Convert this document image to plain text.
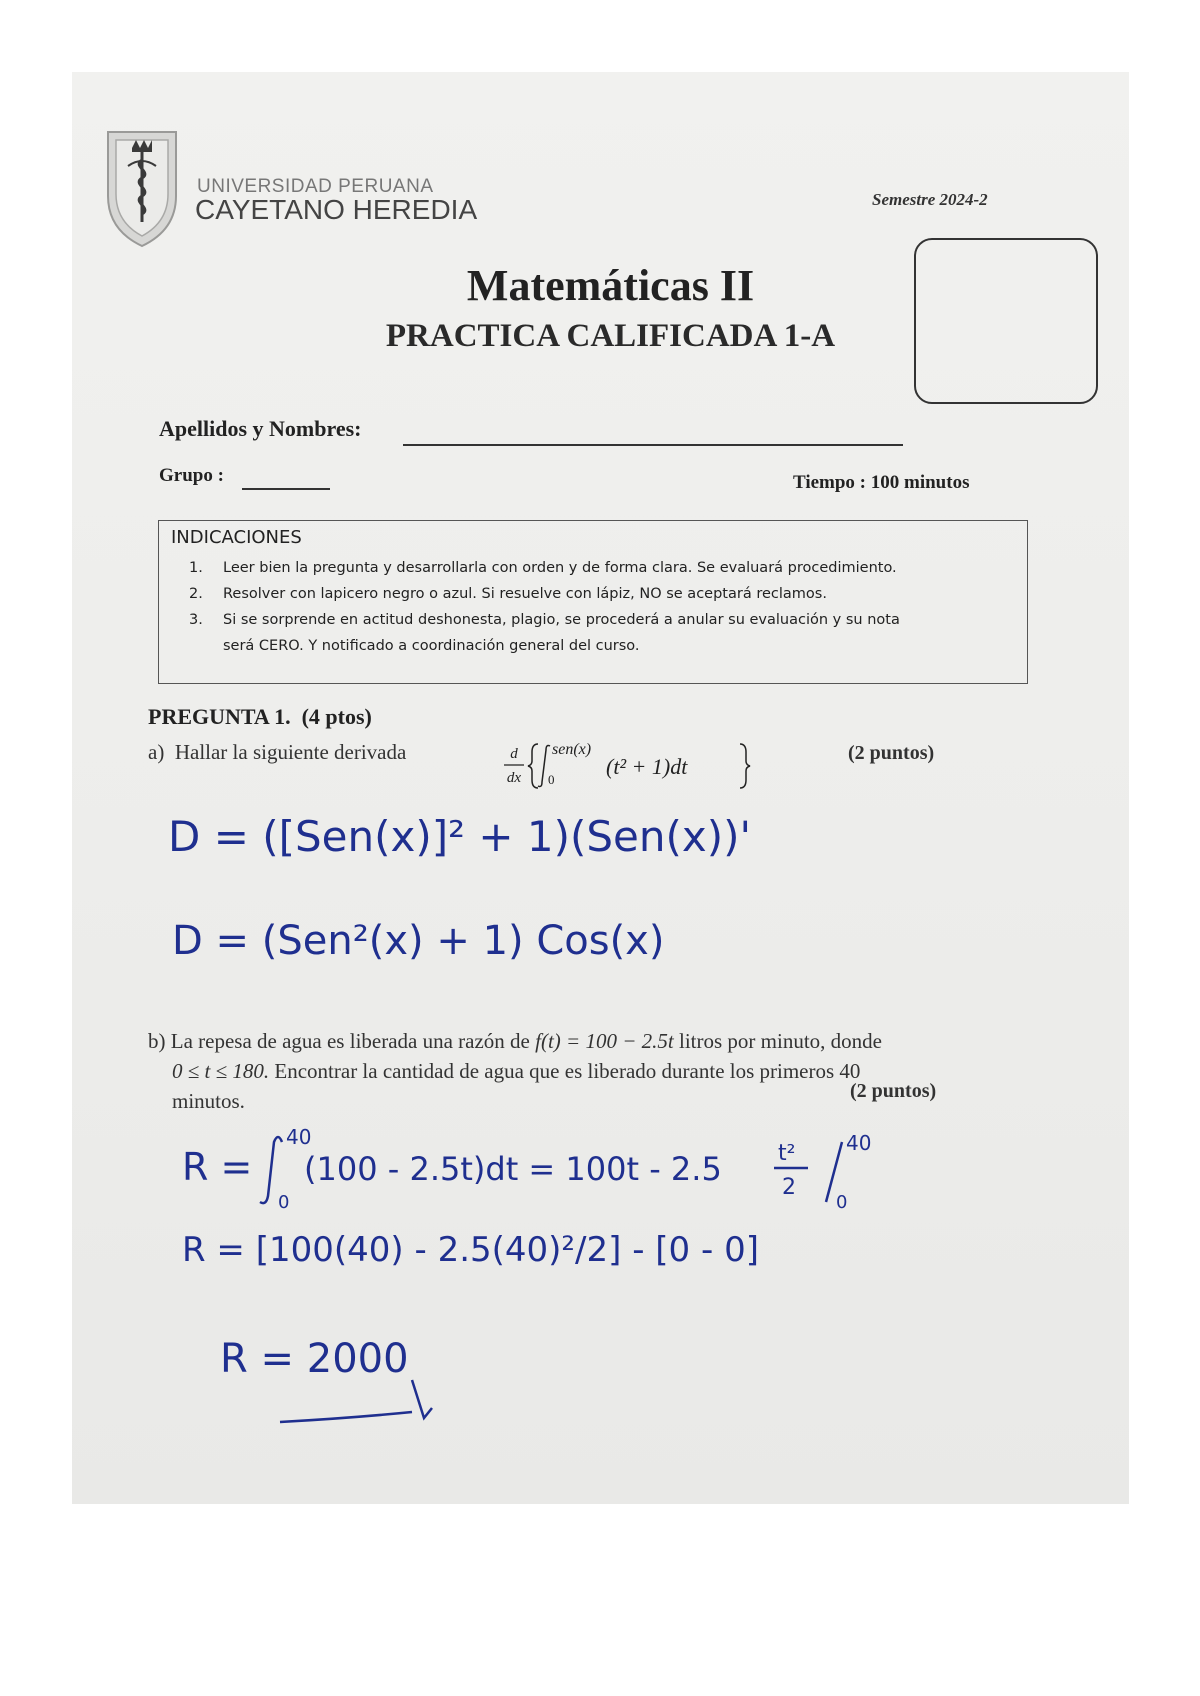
UNIVERSIDAD PERUANA
CAYETANO HEREDIA	Semestre 2024-2
Matemáticas II
PRACTICA CALIFICADA 1-A
Apellidos y Nombres:
Grupo :	Tiempo : 100 minutos
INDICACIONES
1. Leer bien la pregunta y desarrollarla con orden y de forma clara. Se evaluará procedimiento.
2. Resolver con lapicero negro o azul. Si resuelve con lápiz, NO se aceptará reclamos.
3. Si se sorprende en actitud deshonesta, plagio, se procederá a anular su evaluación y su nota
será CERO. Y notificado a coordinación general del curso.
PREGUNTA 1. (4 ptos)
a) Hallar la siguiente derivada	d
dx
sen(x)
0
(t² + 1)dt
(2 puntos)
D = ([Sen(x)]² + 1)(Sen(x))'
D = (Sen²(x) + 1) Cos(x)
b) La repesa de agua es liberada una razón de f(t) = 100 − 2.5t litros por minuto, donde
0 ≤ t ≤ 180. Encontrar la cantidad de agua que es liberado durante los primeros 40
minutos.	(2 puntos)
R =
40
0
(100 - 2.5t)dt = 100t - 2.5	t²
2
40
0
R = [100(40) - 2.5(40)²/2] - [0 - 0]
R = 2000
